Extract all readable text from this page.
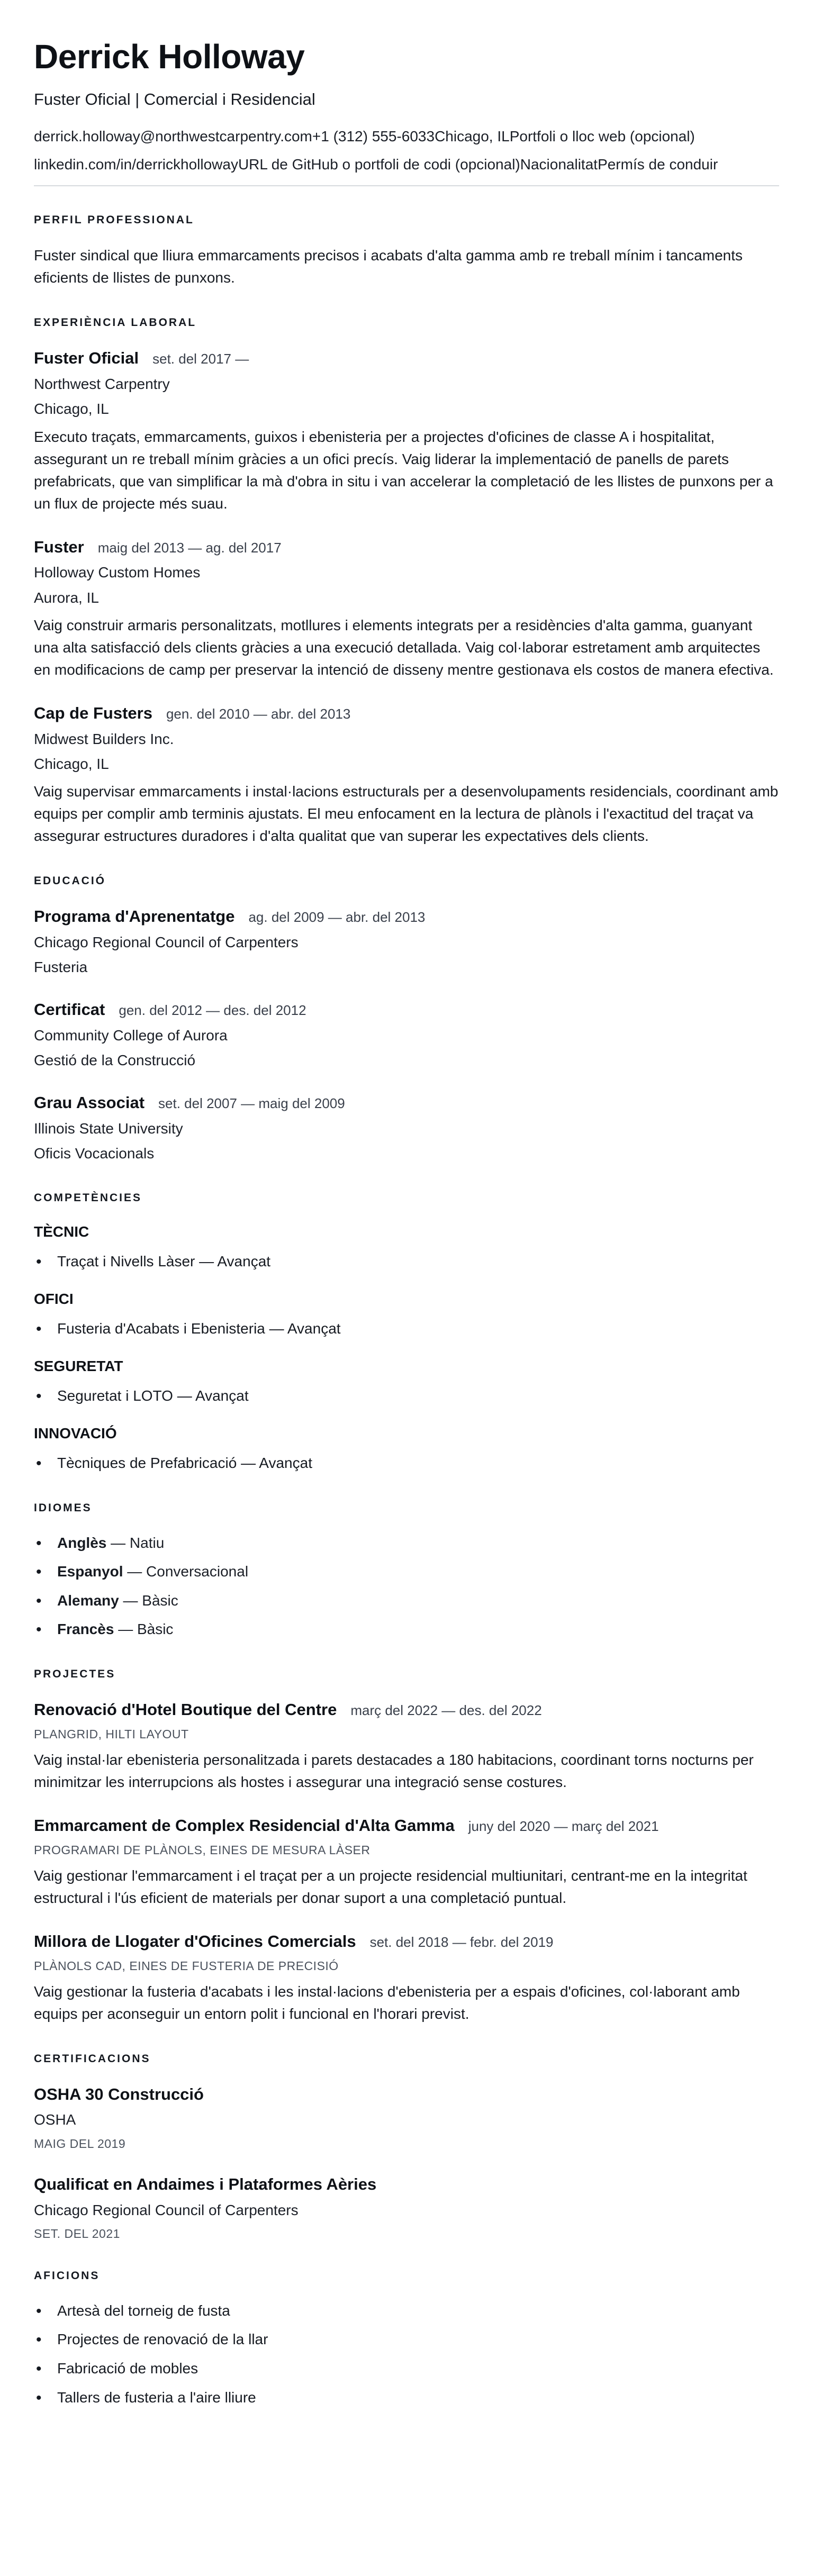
Derrick Holloway

Fuster Oficial | Comercial i Residencial

derrick.holloway@northwestcarpentry.com+1 (312) 555-6033Chicago, ILPortfoli o lloc web (opcional)

linkedin.com/in/derrickhollowayURL de GitHub o portfoli de codi (opcional)NacionalitatPermís de conduir

PERFIL PROFESSIONAL

Fuster sindical que lliura emmarcaments precisos i acabats d'alta gamma amb re treball mínim i tancaments eficients de llistes de punxons.

EXPERIÈNCIA LABORAL

Fuster Oficial set. del 2017 —

Northwest Carpentry

Chicago, IL

Executo traçats, emmarcaments, guixos i ebenisteria per a projectes d'oficines de classe A i hospitalitat, assegurant un re treball mínim gràcies a un ofici precís. Vaig liderar la implementació de panells de parets prefabricats, que van simplificar la mà d'obra in situ i van accelerar la completació de les llistes de punxons per a un flux de projecte més suau.

Fuster maig del 2013 — ag. del 2017

Holloway Custom Homes

Aurora, IL

Vaig construir armaris personalitzats, motllures i elements integrats per a residències d'alta gamma, guanyant una alta satisfacció dels clients gràcies a una execució detallada. Vaig col·laborar estretament amb arquitectes en modificacions de camp per preservar la intenció de disseny mentre gestionava els costos de manera efectiva.

Cap de Fusters gen. del 2010 — abr. del 2013

Midwest Builders Inc.

Chicago, IL

Vaig supervisar emmarcaments i instal·lacions estructurals per a desenvolupaments residencials, coordinant amb equips per complir amb terminis ajustats. El meu enfocament en la lectura de plànols i l'exactitud del traçat va assegurar estructures duradores i d'alta qualitat que van superar les expectatives dels clients.

EDUCACIÓ

Programa d'Aprenentatge ag. del 2009 — abr. del 2013

Chicago Regional Council of Carpenters

Fusteria

Certificat gen. del 2012 — des. del 2012

Community College of Aurora

Gestió de la Construcció

Grau Associat set. del 2007 — maig del 2009

Illinois State University

Oficis Vocacionals

COMPETÈNCIES
TÈCNIC
• Traçat i Nivells Làser — Avançat
OFICI
• Fusteria d'Acabats i Ebenisteria — Avançat
SEGURETAT
• Seguretat i LOTO — Avançat
INNOVACIÓ
• Tècniques de Prefabricació — Avançat
IDIOMES
• Anglès — Natiu
• Espanyol — Conversacional
• Alemany — Bàsic
• Francès — Bàsic
PROJECTES

Renovació d'Hotel Boutique del Centre març del 2022 — des. del 2022

PLANGRID, HILTI LAYOUT

Vaig instal·lar ebenisteria personalitzada i parets destacades a 180 habitacions, coordinant torns nocturns per minimitzar les interrupcions als hostes i assegurar una integració sense costures.

Emmarcament de Complex Residencial d'Alta Gamma juny del 2020 — març del 2021

PROGRAMARI DE PLÀNOLS, EINES DE MESURA LÀSER

Vaig gestionar l'emmarcament i el traçat per a un projecte residencial multiunitari, centrant-me en la integritat estructural i l'ús eficient de materials per donar suport a una completació puntual.

Millora de Llogater d'Oficines Comercials set. del 2018 — febr. del 2019

PLÀNOLS CAD, EINES DE FUSTERIA DE PRECISIÓ

Vaig gestionar la fusteria d'acabats i les instal·lacions d'ebenisteria per a espais d'oficines, col·laborant amb equips per aconseguir un entorn polit i funcional en l'horari previst.

CERTIFICACIONS

OSHA 30 Construcció

OSHA

MAIG DEL 2019

Qualificat en Andaimes i Plataformes Aèries

Chicago Regional Council of Carpenters

SET. DEL 2021

AFICIONS
• Artesà del torneig de fusta
• Projectes de renovació de la llar
• Fabricació de mobles
• Tallers de fusteria a l'aire lliure
